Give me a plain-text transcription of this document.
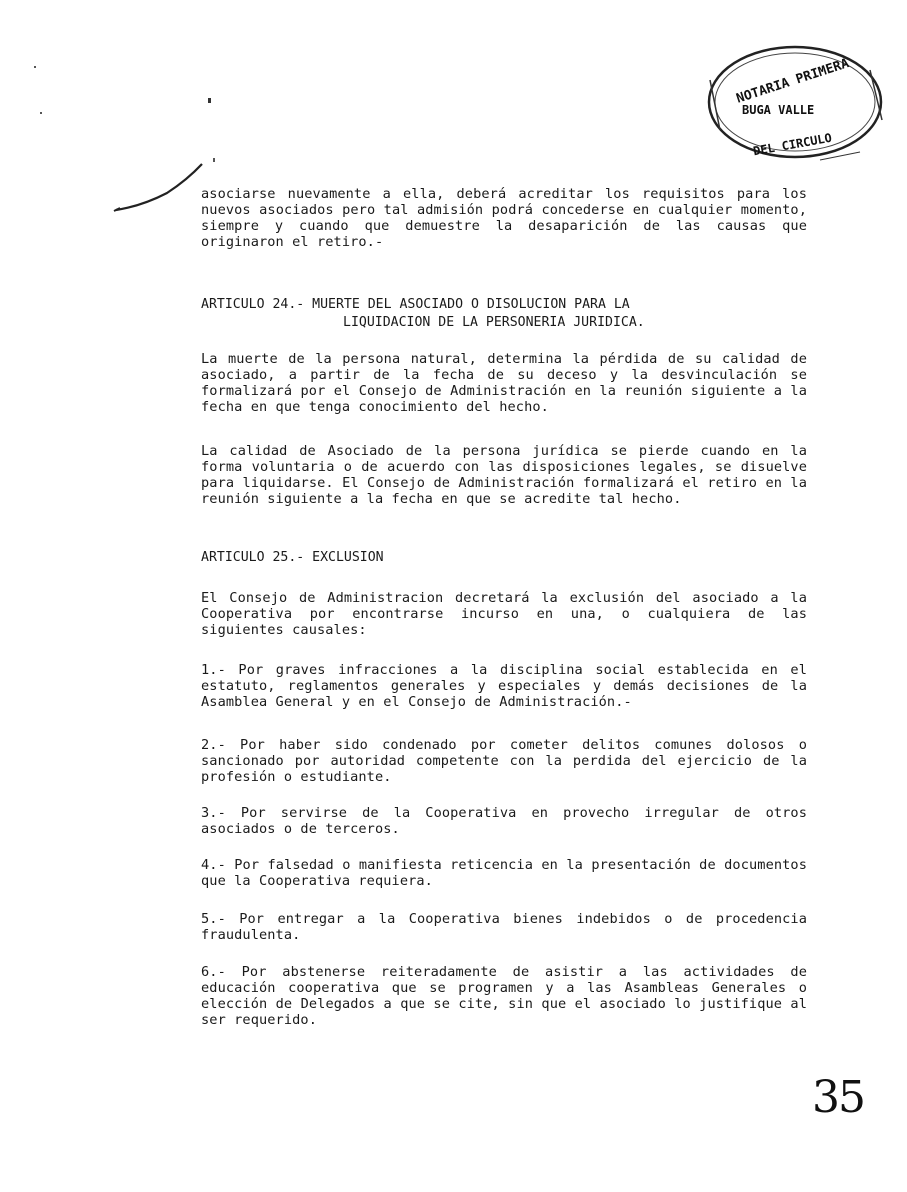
NOTARIA PRIMERA
BUGA VALLE
DEL CIRCULO

asociarse nuevamente a ella, deberá acreditar los requisitos para los nuevos asociados pero tal admisión podrá concederse en cualquier momento, siempre y cuando que demuestre la desaparición de las causas que originaron el retiro.-

ARTICULO 24.- MUERTE DEL ASOCIADO O DISOLUCION PARA LA
LIQUIDACION DE LA PERSONERIA JURIDICA.

La muerte de la persona natural, determina la pérdida de su calidad de asociado, a partir de la fecha de su deceso y la desvinculación se formalizará por el Consejo de Administración en la reunión siguiente a la fecha en que tenga conocimiento del hecho.

La calidad de Asociado de la persona jurídica se pierde cuando en la forma voluntaria o de acuerdo con las disposiciones legales, se disuelve para liquidarse. El Consejo de Administración formalizará el retiro en la reunión siguiente a la fecha en que se acredite tal hecho.

ARTICULO 25.- EXCLUSION

El Consejo de Administracion decretará la exclusión del asociado a la Cooperativa por encontrarse incurso en una, o cualquiera de las siguientes causales:

1.- Por graves infracciones a la disciplina social establecida en el estatuto, reglamentos generales y especiales y demás decisiones de la Asamblea General y en el Consejo de Administración.-

2.- Por haber sido condenado por cometer delitos comunes dolosos o sancionado por autoridad competente con la perdida del ejercicio de la profesión o estudiante.

3.- Por servirse de la Cooperativa en provecho irregular de otros asociados o de terceros.

4.- Por falsedad o manifiesta reticencia en la presentación de documentos que la Cooperativa requiera.

5.- Por entregar a la Cooperativa bienes indebidos o de procedencia fraudulenta.

6.- Por abstenerse reiteradamente de asistir a las actividades de educación cooperativa que se programen y a las Asambleas Generales o elección de Delegados a que se cite, sin que el asociado lo justifique al ser requerido.

35
